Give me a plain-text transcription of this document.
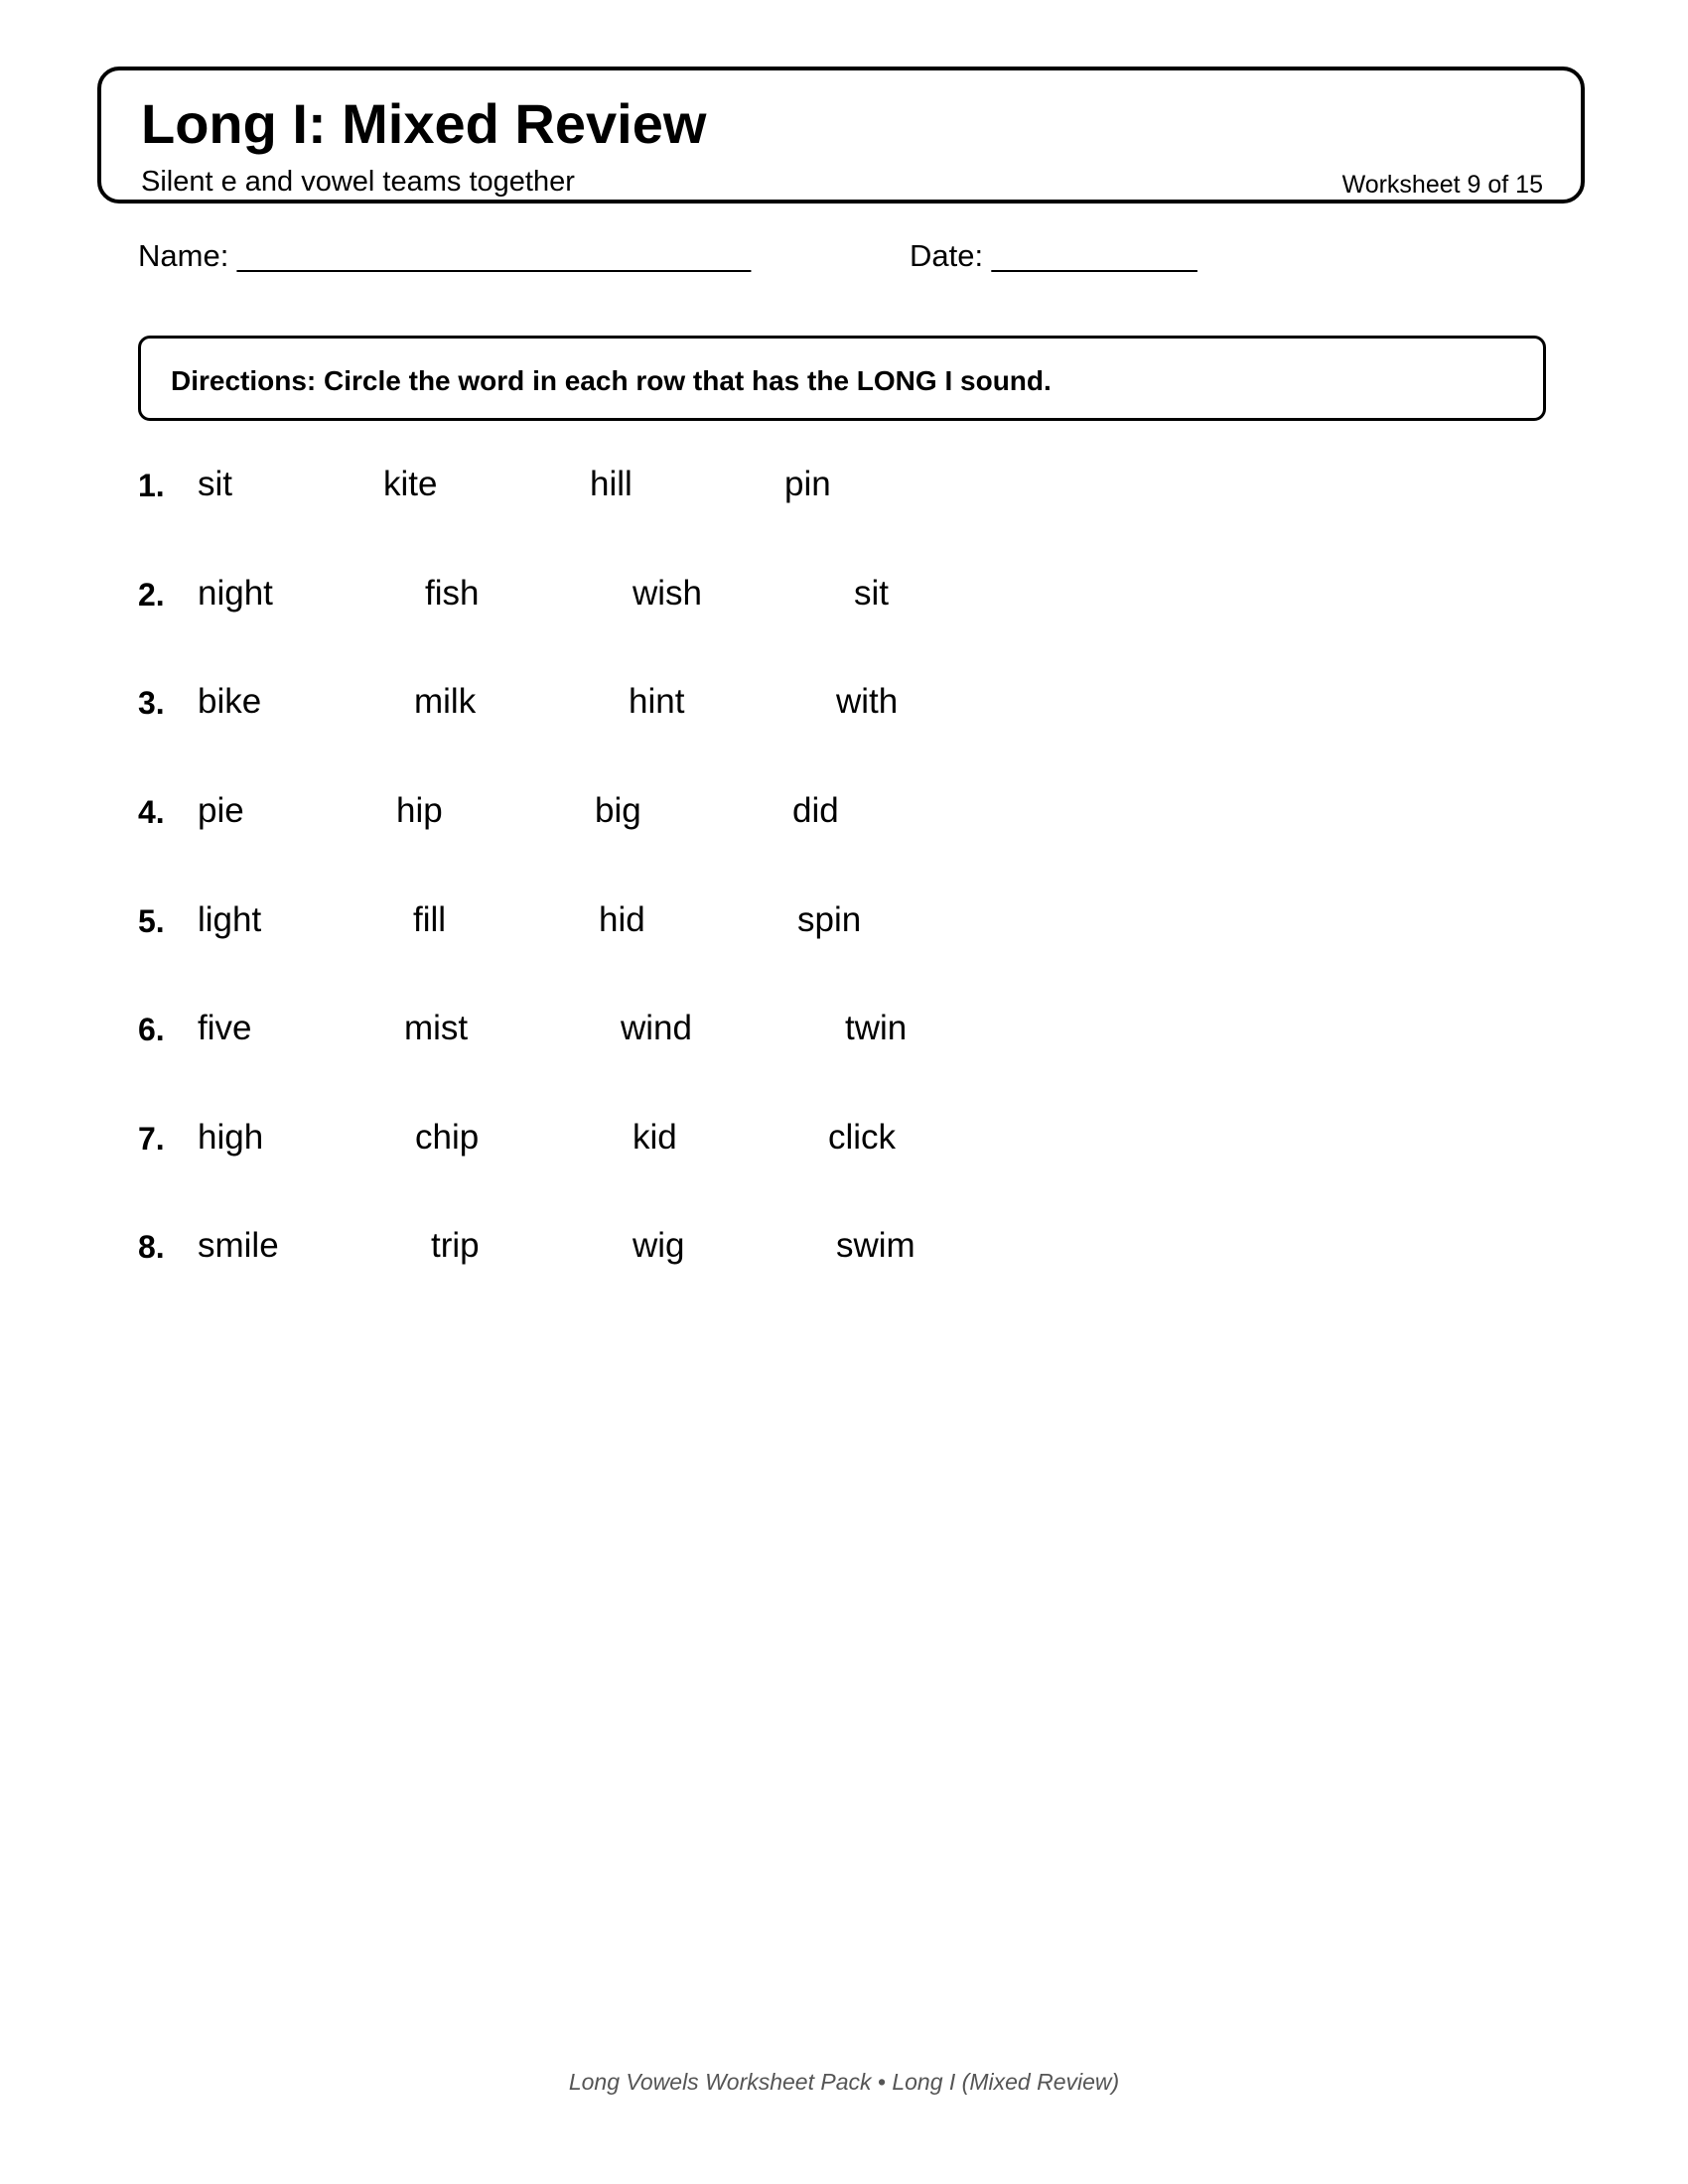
Long I: Mixed Review
Silent e and vowel teams together	Worksheet 9 of 15
Name: ______________________________	Date: ____________
Directions: Circle the word in each row that has the LONG I sound.
1. sit	kite	hill	pin
2. night	fish	wish	sit
3. bike	milk	hint	with
4. pie	hip	big	did
5. light	fill	hid	spin
6. five	mist	wind	twin
7. high	chip	kid	click
8. smile	trip	wig	swim
Long Vowels Worksheet Pack • Long I (Mixed Review)
